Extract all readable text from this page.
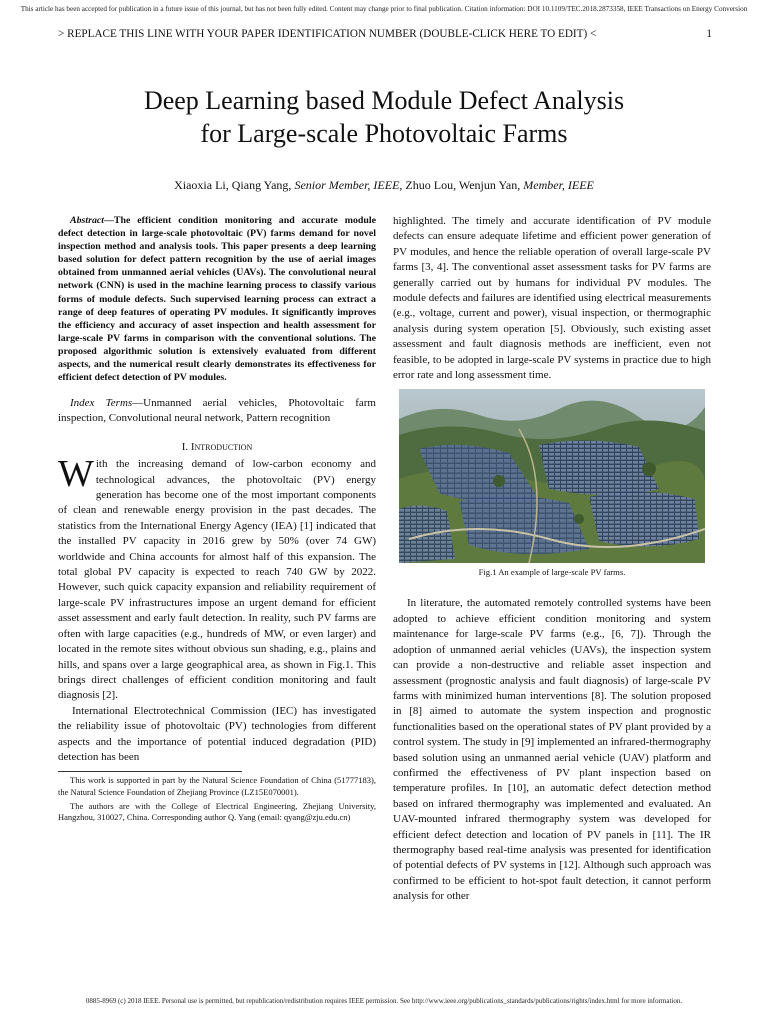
This article has been accepted for publication in a future issue of this journal, but has not been fully edited. Content may change prior to final publication. Citation information: DOI 10.1109/TEC.2018.2873358, IEEE Transactions on Energy Conversion
> REPLACE THIS LINE WITH YOUR PAPER IDENTIFICATION NUMBER (DOUBLE-CLICK HERE TO EDIT) <	1
Deep Learning based Module Defect Analysis
for Large-scale Photovoltaic Farms
Xiaoxia Li, Qiang Yang, Senior Member, IEEE, Zhuo Lou, Wenjun Yan, Member, IEEE

Abstract—The efficient condition monitoring and accurate module defect detection in large-scale photovoltaic (PV) farms demand for novel inspection method and analysis tools. This paper presents a deep learning based solution for defect pattern recognition by the use of aerial images obtained from unmanned aerial vehicles (UAVs). The convolutional neural network (CNN) is used in the machine learning process to classify various forms of module defects. Such supervised learning process can extract a range of deep features of operating PV modules. It significantly improves the efficiency and accuracy of asset inspection and health assessment for large-scale PV farms in comparison with the conventional solutions. The proposed algorithmic solution is extensively evaluated from different aspects, and the numerical result clearly demonstrates its effectiveness for efficient defect detection of PV modules.

Index Terms—Unmanned aerial vehicles, Photovoltaic farm inspection, Convolutional neural network, Pattern recognition

I. Introduction

With the increasing demand of low-carbon economy and technological advances, the photovoltaic (PV) energy generation has become one of the most important components of clean and renewable energy provision in the past decades. The statistics from the International Energy Agency (IEA) [1] indicated that the installed PV capacity in 2016 grew by 50% (over 74 GW) worldwide and China accounts for almost half of this expansion. The total global PV capacity is expected to reach 740 GW by 2022. However, such quick capacity expansion and reliability requirement of large-scale PV infrastructures impose an urgent demand for efficient asset assessment and early fault detection. In reality, such PV farms are often with large capacities (e.g., hundreds of MW, or even larger) and located in the remote sites without obvious sun shading, e.g., plains and hills, and spans over a large geographical area, as shown in Fig.1. This brings direct challenges of efficient condition monitoring and fault diagnosis [2].

International Electrotechnical Commission (IEC) has investigated the reliability issue of photovoltaic (PV) technologies from different aspects and the importance of potential induced degradation (PID) detection has been

This work is supported in part by the Natural Science Foundation of China (51777183), the Natural Science Foundation of Zhejiang Province (LZ15E070001).

The authors are with the College of Electrical Engineering, Zhejiang University, Hangzhou, 310027, China. Corresponding author Q. Yang (email: qyang@zju.edu.cn)

highlighted. The timely and accurate identification of PV module defects can ensure adequate lifetime and efficient power generation of PV modules, and hence the reliable operation of overall large-scale PV farms [3, 4]. The conventional asset assessment tasks for PV farms are generally carried out by humans for individual PV modules. The module defects and failures are identified using electrical measurements (e.g., voltage, current and power), visual inspection, or thermographic analysis during system operation [5]. Obviously, such existing asset assessment and fault diagnosis methods are inefficient, even not feasible, to be adopted in large-scale PV systems in practice due to high error rate and long assessment time.

Fig.1 An example of large-scale PV farms.

In literature, the automated remotely controlled systems have been adopted to achieve efficient condition monitoring and system maintenance for large-scale PV farms (e.g., [6, 7]). Through the adoption of unmanned aerial vehicles (UAVs), the inspection system can provide a non-destructive and reliable asset inspection and assessment (prognostic analysis and fault diagnosis) of large-scale PV farms with minimized human interventions [8]. The solution proposed in [8] aimed to automate the system inspection and prognostic functionalities based on the operational states of PV plant provided by a control system. The study in [9] implemented an infrared-thermography based solution using an unmanned aerial vehicle (UAV) platform and confirmed the effectiveness of PV plant inspection based on temperature profiles. In [10], an automatic defect detection method based on infrared thermography was implemented and evaluated. An UAV-mounted infrared thermography system was developed for efficient defect detection and location of PV panels in [11]. The IR thermography based real-time analysis was presented for identification of potential defects of PV systems in [12]. Although such approach was confirmed to be efficient to hot-spot fault detection, it cannot perform analysis for other

0885-8969 (c) 2018 IEEE. Personal use is permitted, but republication/redistribution requires IEEE permission. See http://www.ieee.org/publications_standards/publications/rights/index.html for more information.
